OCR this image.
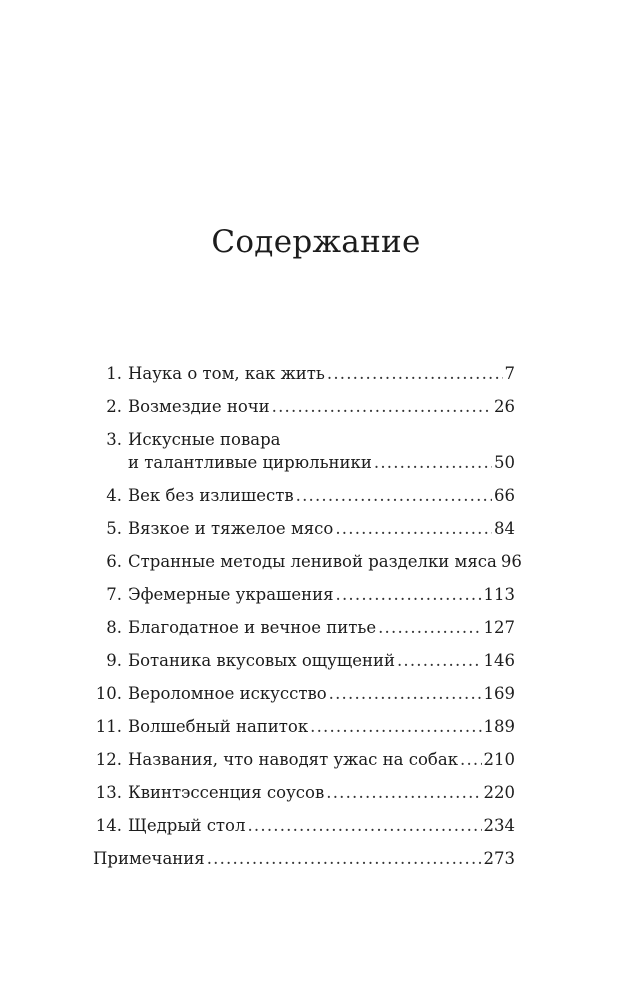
Содержание
1. Наука о том, как жить .....	7
2. Возмездие ночи .....	26
3. Искусные повара
и талантливые цирюльники .....	50
4. Век без излишеств .....	66
5. Вязкое и тяжелое мясо .....	84
6. Странные методы ленивой разделки мяса 96
7. Эфемерные украшения .....	113
8. Благодатное и вечное питье .....	127
9. Ботаника вкусовых ощущений .....	146
10. Вероломное искусство .....	169
11. Волшебный напиток .....	189
12. Названия, что наводят ужас на собак ..... 210
13. Квинтэссенция соусов .....	220
14. Щедрый стол .....	234
Примечания .....	273
